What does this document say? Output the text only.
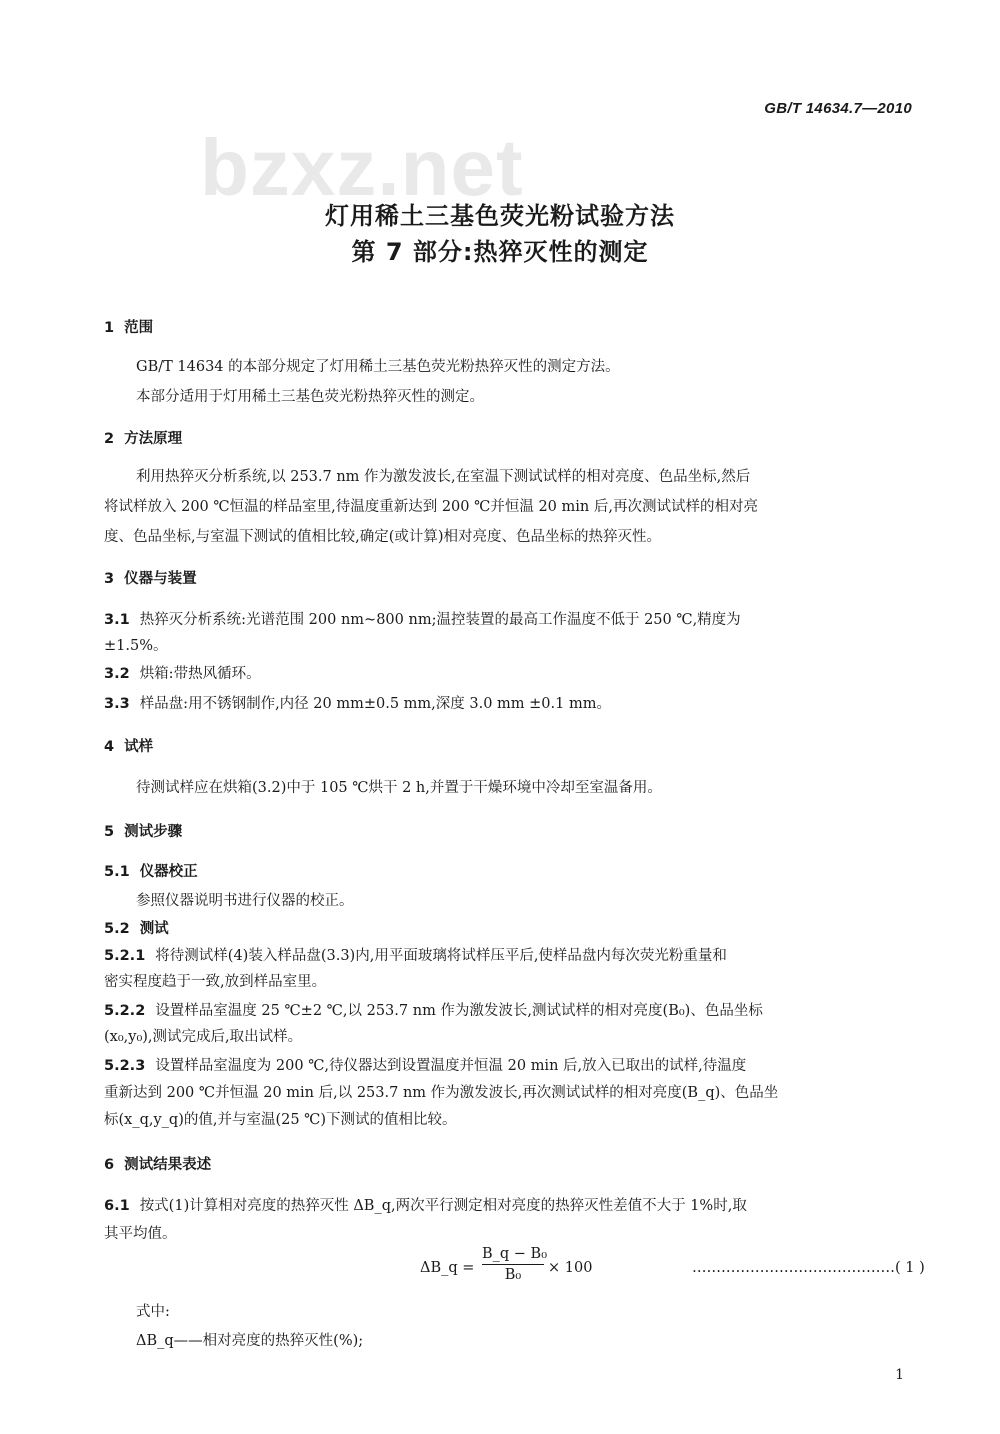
GB/T 14634.7—2010
bzxz.net
灯用稀土三基色荧光粉试验方法
第 7 部分:热猝灭性的测定
1 范围
GB/T 14634 的本部分规定了灯用稀土三基色荧光粉热猝灭性的测定方法。
本部分适用于灯用稀土三基色荧光粉热猝灭性的测定。
2 方法原理
利用热猝灭分析系统,以 253.7 nm 作为激发波长,在室温下测试试样的相对亮度、色品坐标,然后
将试样放入 200 ℃恒温的样品室里,待温度重新达到 200 ℃并恒温 20 min 后,再次测试试样的相对亮
度、色品坐标,与室温下测试的值相比较,确定(或计算)相对亮度、色品坐标的热猝灭性。
3 仪器与装置
3.1 热猝灭分析系统:光谱范围 200 nm~800 nm;温控装置的最高工作温度不低于 250 ℃,精度为
±1.5%。
3.2 烘箱:带热风循环。
3.3 样品盘:用不锈钢制作,内径 20 mm±0.5 mm,深度 3.0 mm ±0.1 mm。
4 试样
待测试样应在烘箱(3.2)中于 105 ℃烘干 2 h,并置于干燥环境中冷却至室温备用。
5 测试步骤
5.1 仪器校正
参照仪器说明书进行仪器的校正。
5.2 测试
5.2.1 将待测试样(4)装入样品盘(3.3)内,用平面玻璃将试样压平后,使样品盘内每次荧光粉重量和
密实程度趋于一致,放到样品室里。
5.2.2 设置样品室温度 25 ℃±2 ℃,以 253.7 nm 作为激发波长,测试试样的相对亮度(B₀)、色品坐标
(x₀,y₀),测试完成后,取出试样。
5.2.3 设置样品室温度为 200 ℃,待仪器达到设置温度并恒温 20 min 后,放入已取出的试样,待温度
重新达到 200 ℃并恒温 20 min 后,以 253.7 nm 作为激发波长,再次测试试样的相对亮度(B_q)、色品坐
标(x_q,y_q)的值,并与室温(25 ℃)下测试的值相比较。
6 测试结果表述
6.1 按式(1)计算相对亮度的热猝灭性 ΔB_q,两次平行测定相对亮度的热猝灭性差值不大于 1%时,取
其平均值。
ΔB_q = $\frac{\text{B\_q − B₀}}{\text{B₀}} \times 100$	……………………………………( 1 )
式中:
ΔB_q——相对亮度的热猝灭性(%);
1
